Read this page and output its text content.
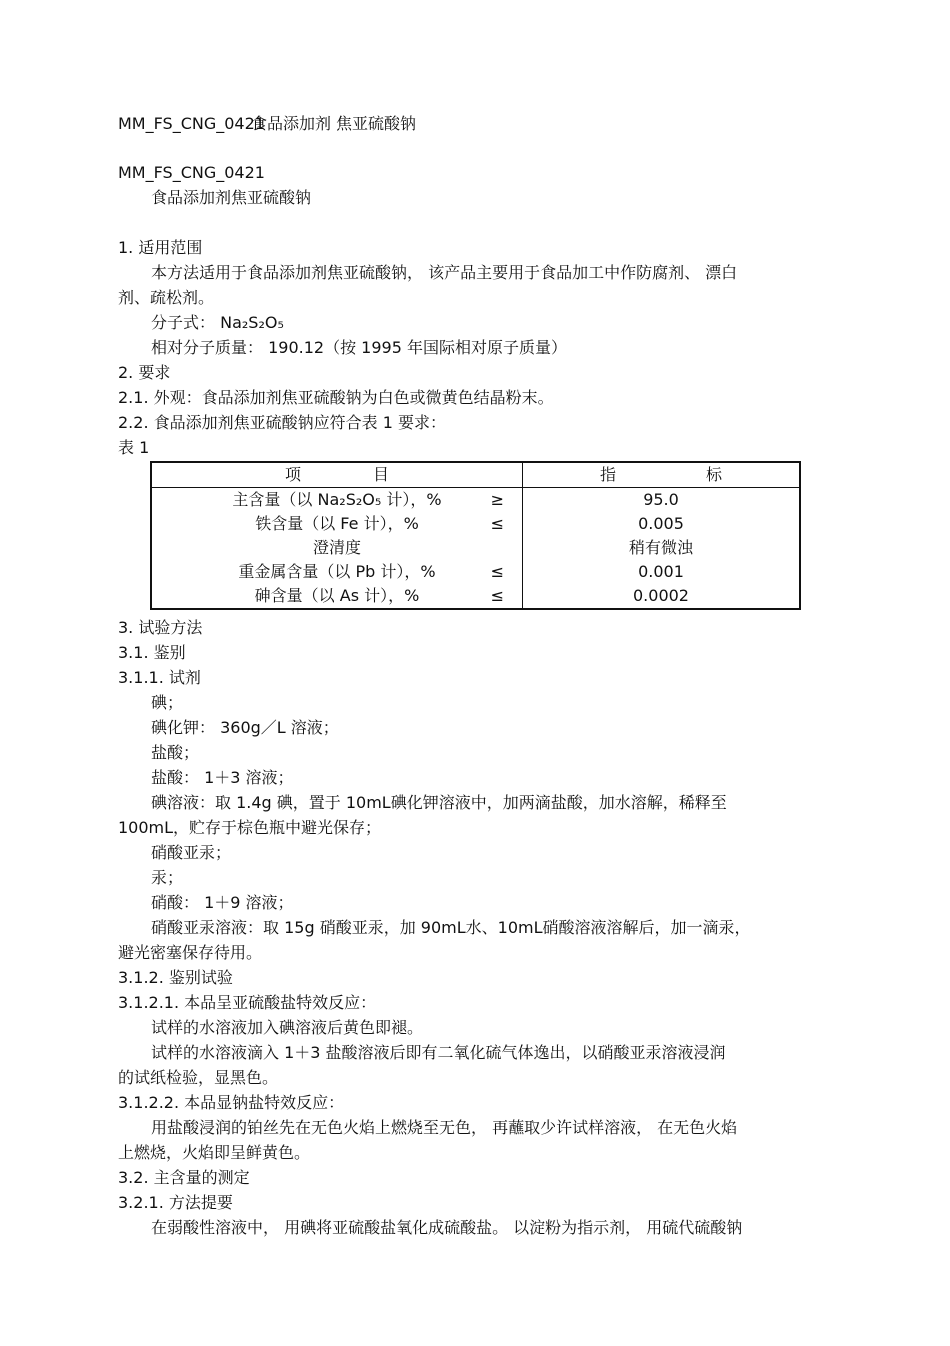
MM_FS_CNG_0421食品添加剂 焦亚硫酸钠
MM_FS_CNG_0421
食品添加剂焦亚硫酸钠
1. 适用范围
本方法适用于食品添加剂焦亚硫酸钠， 该产品主要用于食品加工中作防腐剂、 漂白
剂、疏松剂。
分子式： Na₂S₂O₅
相对分子质量： 190.12（按 1995 年国际相对原子质量）
2. 要求
2.1. 外观：食品添加剂焦亚硫酸钠为白色或微黄色结晶粉末。
2.2. 食品添加剂焦亚硫酸钠应符合表 1 要求：
表 1
项 目	指 标

主含量（以 Na₂S₂O₅ 计），% ≥	95.0
铁含量（以 Fe 计），% ≤	0.005
澄清度	稍有微浊
重金属含量（以 Pb 计），% ≤	0.001
砷含量（以 As 计），% ≤	0.0002
3. 试验方法
3.1. 鉴别
3.1.1. 试剂
碘；
碘化钾： 360g／L 溶液；
盐酸；
盐酸： 1＋3 溶液；
碘溶液：取 1.4g 碘，置于 10mL碘化钾溶液中，加两滴盐酸，加水溶解，稀释至
100mL，贮存于棕色瓶中避光保存；
硝酸亚汞；
汞；
硝酸： 1＋9 溶液；
硝酸亚汞溶液：取 15g 硝酸亚汞，加 90mL水、10mL硝酸溶液溶解后，加一滴汞，
避光密塞保存待用。
3.1.2. 鉴别试验
3.1.2.1. 本品呈亚硫酸盐特效反应：
试样的水溶液加入碘溶液后黄色即褪。
试样的水溶液滴入 1＋3 盐酸溶液后即有二氧化硫气体逸出，以硝酸亚汞溶液浸润
的试纸检验，显黑色。
3.1.2.2. 本品显钠盐特效反应：
用盐酸浸润的铂丝先在无色火焰上燃烧至无色， 再蘸取少许试样溶液， 在无色火焰
上燃烧，火焰即呈鲜黄色。
3.2. 主含量的测定
3.2.1. 方法提要
在弱酸性溶液中， 用碘将亚硫酸盐氧化成硫酸盐。 以淀粉为指示剂， 用硫代硫酸钠
